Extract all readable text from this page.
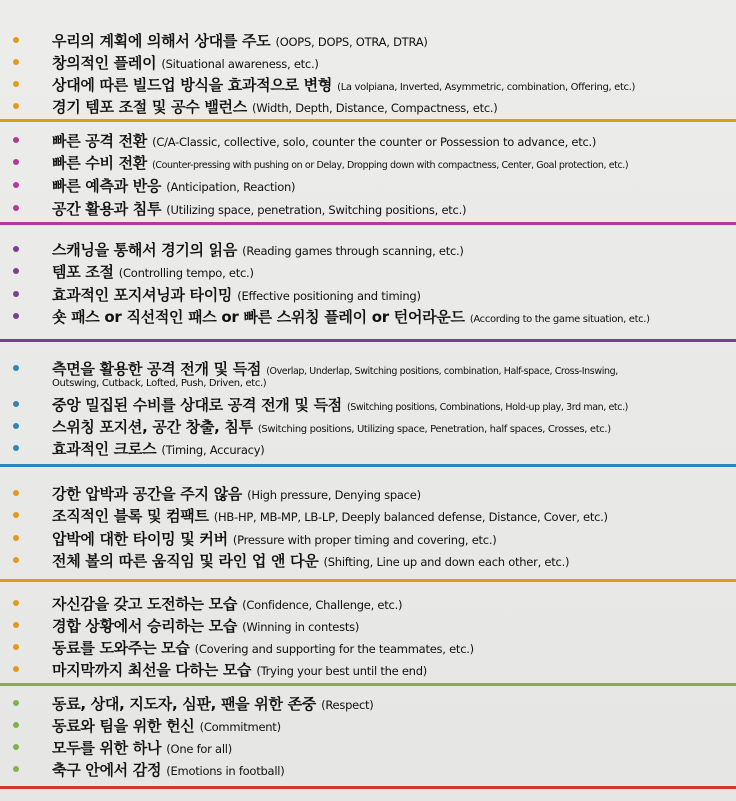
우리의 계획에 의해서 상대를 주도 (OOPS, DOPS, OTRA, DTRA)
창의적인 플레이 (Situational awareness, etc.)
상대에 따른 빌드업 방식을 효과적으로 변형 (La volpiana, Inverted, Asymmetric, combination, Offering, etc.)
경기 템포 조절 및 공수 밸런스 (Width, Depth, Distance, Compactness, etc.)
빠른 공격 전환 (C/A-Classic, collective, solo, counter the counter or Possession to advance, etc.)
빠른 수비 전환 (Counter-pressing with pushing on or Delay, Dropping down with compactness, Center, Goal protection, etc.)
빠른 예측과 반응 (Anticipation, Reaction)
공간 활용과 침투 (Utilizing space, penetration, Switching positions, etc.)
스캐닝을 통해서 경기의 읽음 (Reading games through scanning, etc.)
템포 조절 (Controlling tempo, etc.)
효과적인 포지셔닝과 타이밍 (Effective positioning and timing)
숏 패스 or 직선적인 패스 or 빠른 스위칭 플레이 or 턴어라운드 (According to the game situation, etc.)
측면을 활용한 공격 전개 및 득점 (Overlap, Underlap, Switching positions, combination, Half-space, Cross-Inswing,
Outswing, Cutback, Lofted, Push, Driven, etc.)
중앙 밀집된 수비를 상대로 공격 전개 및 득점 (Switching positions, Combinations, Hold-up play, 3rd man, etc.)
스위칭 포지션, 공간 창출, 침투 (Switching positions, Utilizing space, Penetration, half spaces, Crosses, etc.)
효과적인 크로스 (Timing, Accuracy)
강한 압박과 공간을 주지 않음 (High pressure, Denying space)
조직적인 블록 및 컴팩트 (HB-HP, MB-MP, LB-LP, Deeply balanced defense, Distance, Cover, etc.)
압박에 대한 타이밍 및 커버 (Pressure with proper timing and covering, etc.)
전체 볼의 따른 움직임 및 라인 업 앤 다운 (Shifting, Line up and down each other, etc.)
자신감을 갖고 도전하는 모습 (Confidence, Challenge, etc.)
경합 상황에서 승리하는 모습 (Winning in contests)
동료를 도와주는 모습 (Covering and supporting for the teammates, etc.)
마지막까지 최선을 다하는 모습 (Trying your best until the end)
동료, 상대, 지도자, 심판, 팬을 위한 존중 (Respect)
동료와 팀을 위한 헌신 (Commitment)
모두를 위한 하나 (One for all)
축구 안에서 감정 (Emotions in football)
